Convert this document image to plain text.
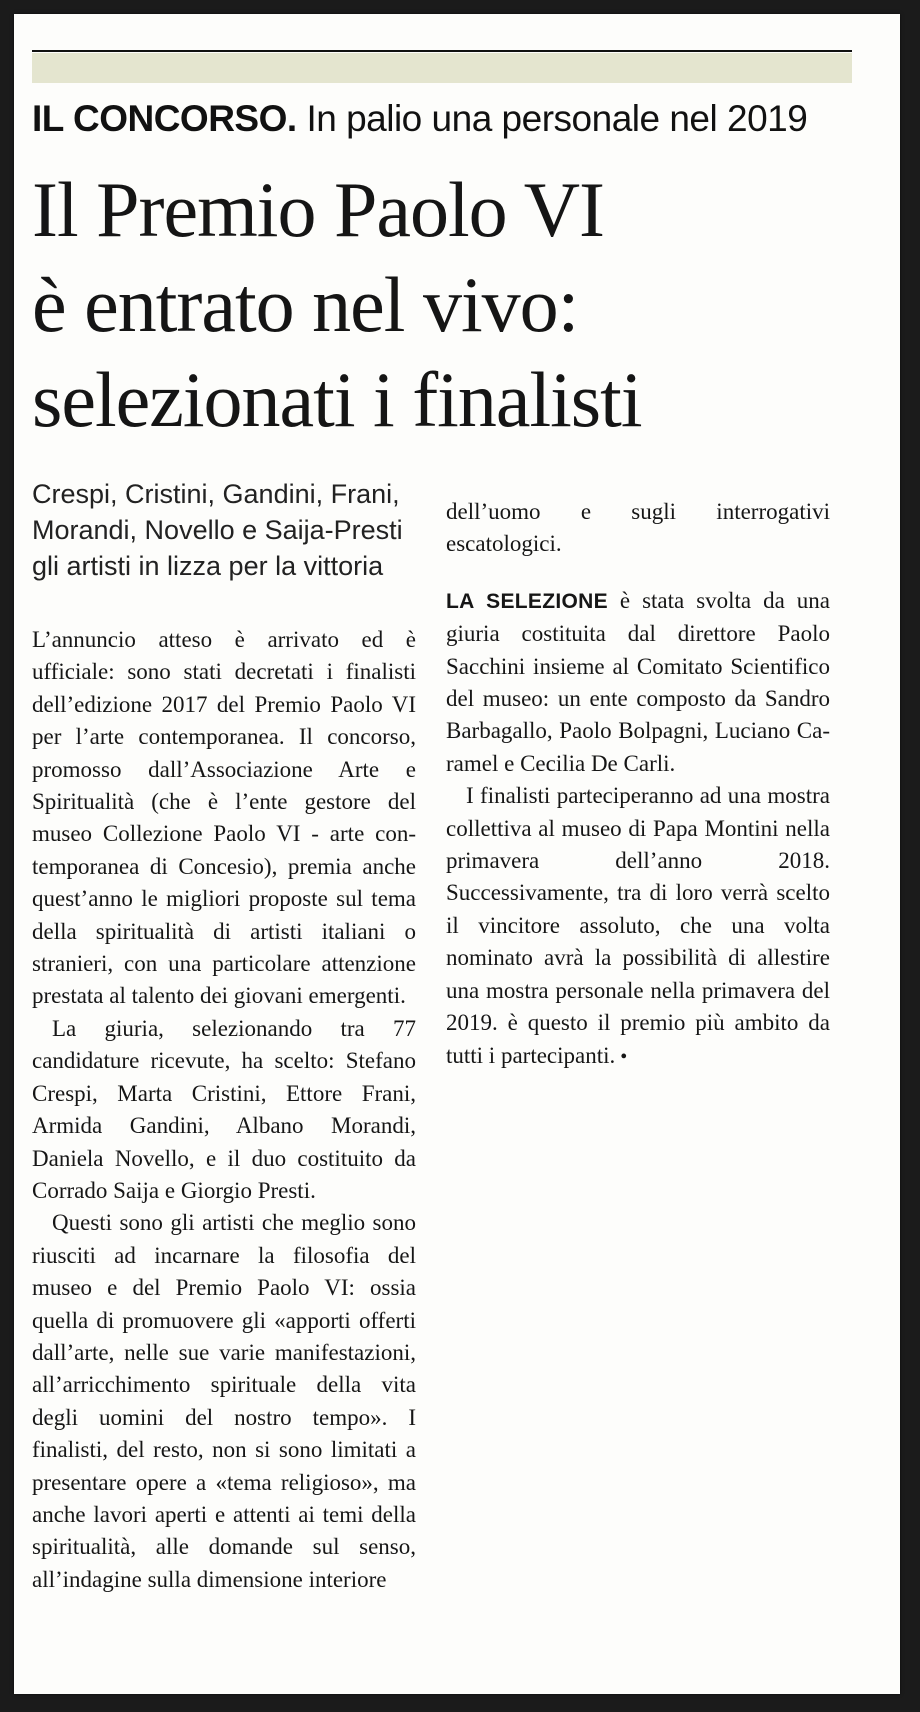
IL CONCORSO. In palio una personale nel 2019
Il Premio Paolo VI
è entrato nel vivo:
selezionati i finalisti
Crespi, Cristini, Gandini, Frani, Morandi, Novello e Saija-Presti gli artisti in lizza per la vittoria

L’annuncio atteso è arrivato ed è ufficiale: sono stati decretati i finalisti dell’edizione 2017 del Premio Paolo VI per l’arte contemporanea. Il concorso, promosso dall’Associazione Arte e Spiritualità (che è l’ente gestore del museo Collezione Paolo VI - arte contemporanea di Concesio), premia anche quest’anno le migliori proposte sul tema della spiritualità di artisti italiani o stranieri, con una particolare attenzione prestata al talento dei giovani emergenti.

La giuria, selezionando tra 77 candidature ricevute, ha scelto: Stefano Crespi, Marta Cristini, Ettore Frani, Armida Gandini, Albano Morandi, Daniela Novello, e il duo costituito da Corrado Saija e Giorgio Presti.

Questi sono gli artisti che meglio sono riusciti ad incarnare la filosofia del museo e del Premio Paolo VI: ossia quella di promuovere gli «apporti offerti dall’arte, nelle sue varie manifestazioni, all’arricchimento spirituale della vita degli uomini del nostro tempo». I finalisti, del resto, non si sono limitati a presentare opere a «tema religioso», ma anche lavori aperti e attenti ai temi della spiritualità, alle domande sul senso, all’indagine sulla dimensione interiore

dell’uomo e sugli interrogativi escatologici.

LA SELEZIONE è stata svolta da una giuria costituita dal direttore Paolo Sacchini insieme al Comitato Scientifico del museo: un ente composto da Sandro Barbagallo, Paolo Bolpagni, Luciano Caramel e Cecilia De Carli.

I finalisti parteciperanno ad una mostra collettiva al museo di Papa Montini nella primavera dell’anno 2018. Successivamente, tra di loro verrà scelto il vincitore assoluto, che una volta nominato avrà la possibilità di allestire una mostra personale nella primavera del 2019. è questo il premio più ambito da tutti i partecipanti. •
